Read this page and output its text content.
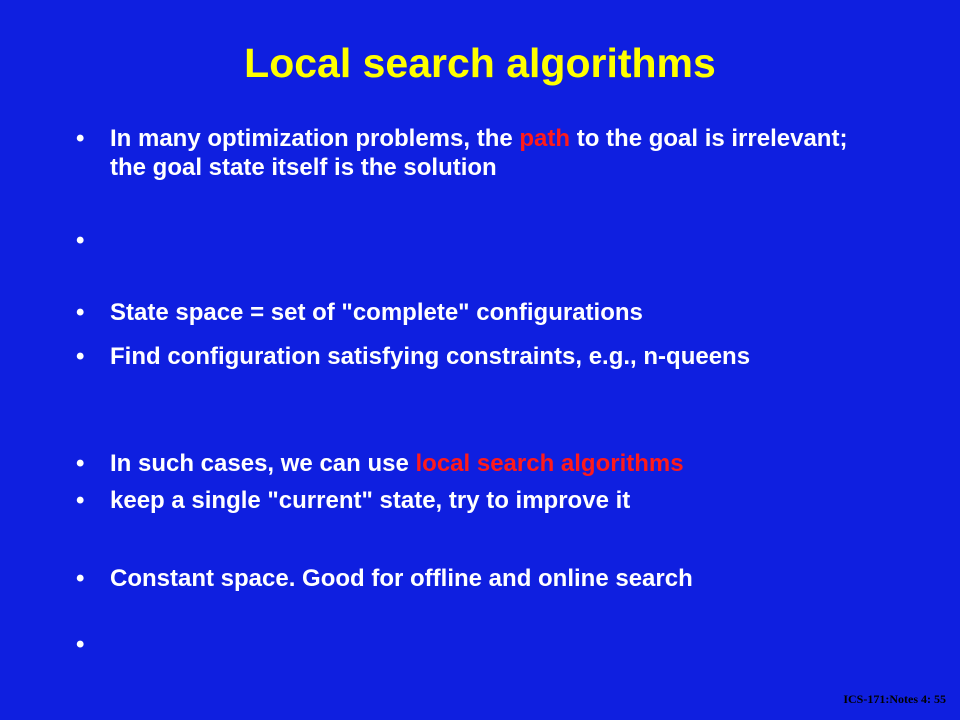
Local search algorithms
•	In many optimization problems, the path to the goal is irrelevant; the goal state itself is the solution
•
•	State space = set of "complete" configurations
•	Find configuration satisfying constraints, e.g., n-queens
•	In such cases, we can use local search algorithms
•	keep a single "current" state, try to improve it
•	Constant space. Good for offline and online search
•
ICS-171:Notes 4: 55
